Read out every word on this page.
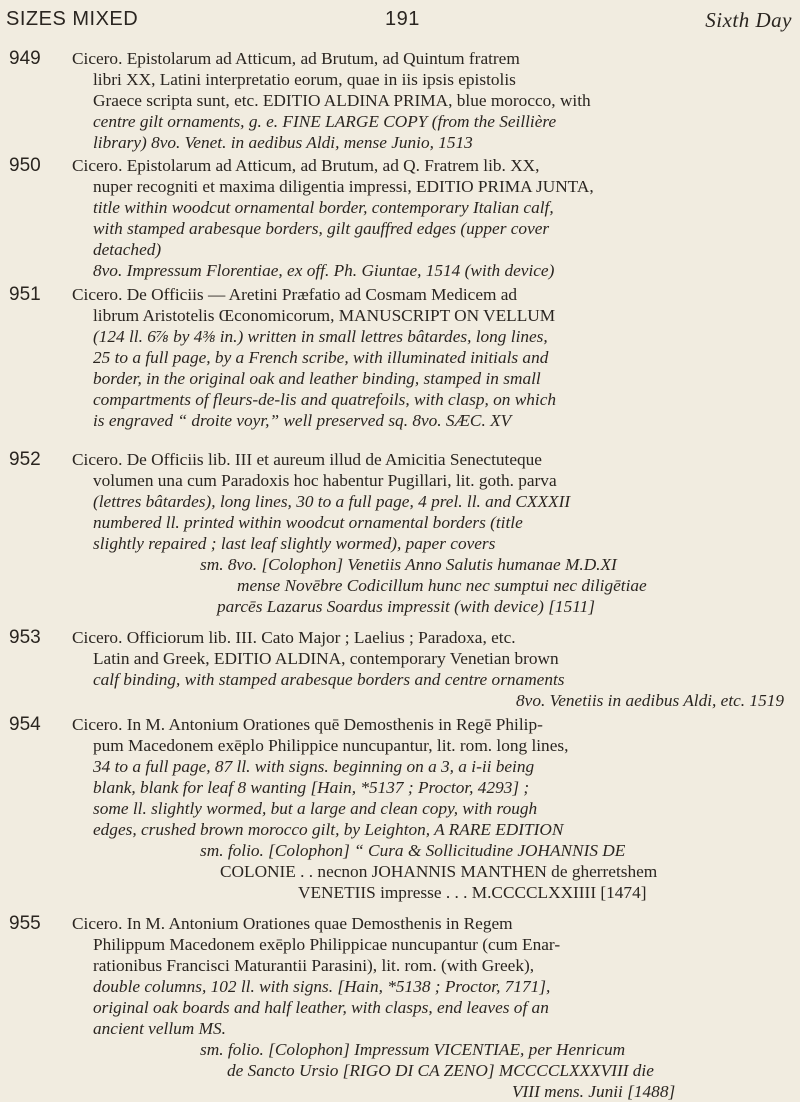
SIZES MIXED	191	Sixth Day
949 Cicero. Epistolarum ad Atticum, ad Brutum, ad Quintum fratrem
libri XX, Latini interpretatio eorum, quae in iis ipsis epistolis
Graece scripta sunt, etc. EDITIO ALDINA PRIMA, blue morocco, with
centre gilt ornaments, g. e. FINE LARGE COPY (from the Seillière
library) 8vo. Venet. in aedibus Aldi, mense Junio, 1513
950 Cicero. Epistolarum ad Atticum, ad Brutum, ad Q. Fratrem lib. XX,
nuper recogniti et maxima diligentia impressi, EDITIO PRIMA JUNTA,
title within woodcut ornamental border, contemporary Italian calf,
with stamped arabesque borders, gilt gauffred edges (upper cover
detached)
8vo. Impressum Florentiae, ex off. Ph. Giuntae, 1514 (with device)
951 Cicero. De Officiis — Aretini Præfatio ad Cosmam Medicem ad
librum Aristotelis Œconomicorum, MANUSCRIPT ON VELLUM
(124 ll. 6⅞ by 4⅜ in.) written in small lettres bâtardes, long lines,
25 to a full page, by a French scribe, with illuminated initials and
border, in the original oak and leather binding, stamped in small
compartments of fleurs-de-lis and quatrefoils, with clasp, on which
is engraved “ droite voyr,” well preserved sq. 8vo. SÆC. XV
952 Cicero. De Officiis lib. III et aureum illud de Amicitia Senectuteque
volumen una cum Paradoxis hoc habentur Pugillari, lit. goth. parva
(lettres bâtardes), long lines, 30 to a full page, 4 prel. ll. and CXXXII
numbered ll. printed within woodcut ornamental borders (title
slightly repaired ; last leaf slightly wormed), paper covers
sm. 8vo. [Colophon] Venetiis Anno Salutis humanae M.D.XI
mense Novēbre Codicillum hunc nec sumptui nec diligētiae
parcēs Lazarus Soardus impressit (with device) [1511]
953 Cicero. Officiorum lib. III. Cato Major ; Laelius ; Paradoxa, etc.
Latin and Greek, EDITIO ALDINA, contemporary Venetian brown
calf binding, with stamped arabesque borders and centre ornaments
8vo. Venetiis in aedibus Aldi, etc. 1519
954 Cicero. In M. Antonium Orationes quē Demosthenis in Regē Philip-
pum Macedonem exēplo Philippice nuncupantur, lit. rom. long lines,
34 to a full page, 87 ll. with signs. beginning on a 3, a i-ii being
blank, blank for leaf 8 wanting [Hain, *5137 ; Proctor, 4293] ;
some ll. slightly wormed, but a large and clean copy, with rough
edges, crushed brown morocco gilt, by Leighton, A RARE EDITION
sm. folio. [Colophon] “ Cura & Sollicitudine JOHANNIS DE
COLONIE . . necnon JOHANNIS MANTHEN de gherretshem
VENETIIS impresse . . . M.CCCCLXXIIII [1474]
955 Cicero. In M. Antonium Orationes quae Demosthenis in Regem
Philippum Macedonem exēplo Philippicae nuncupantur (cum Enar-
rationibus Francisci Maturantii Parasini), lit. rom. (with Greek),
double columns, 102 ll. with signs. [Hain, *5138 ; Proctor, 7171],
original oak boards and half leather, with clasps, end leaves of an
ancient vellum MS.
sm. folio. [Colophon] Impressum VICENTIAE, per Henricum
de Sancto Ursio [RIGO DI CA ZENO] MCCCCLXXXVIII die
VIII mens. Junii [1488]
